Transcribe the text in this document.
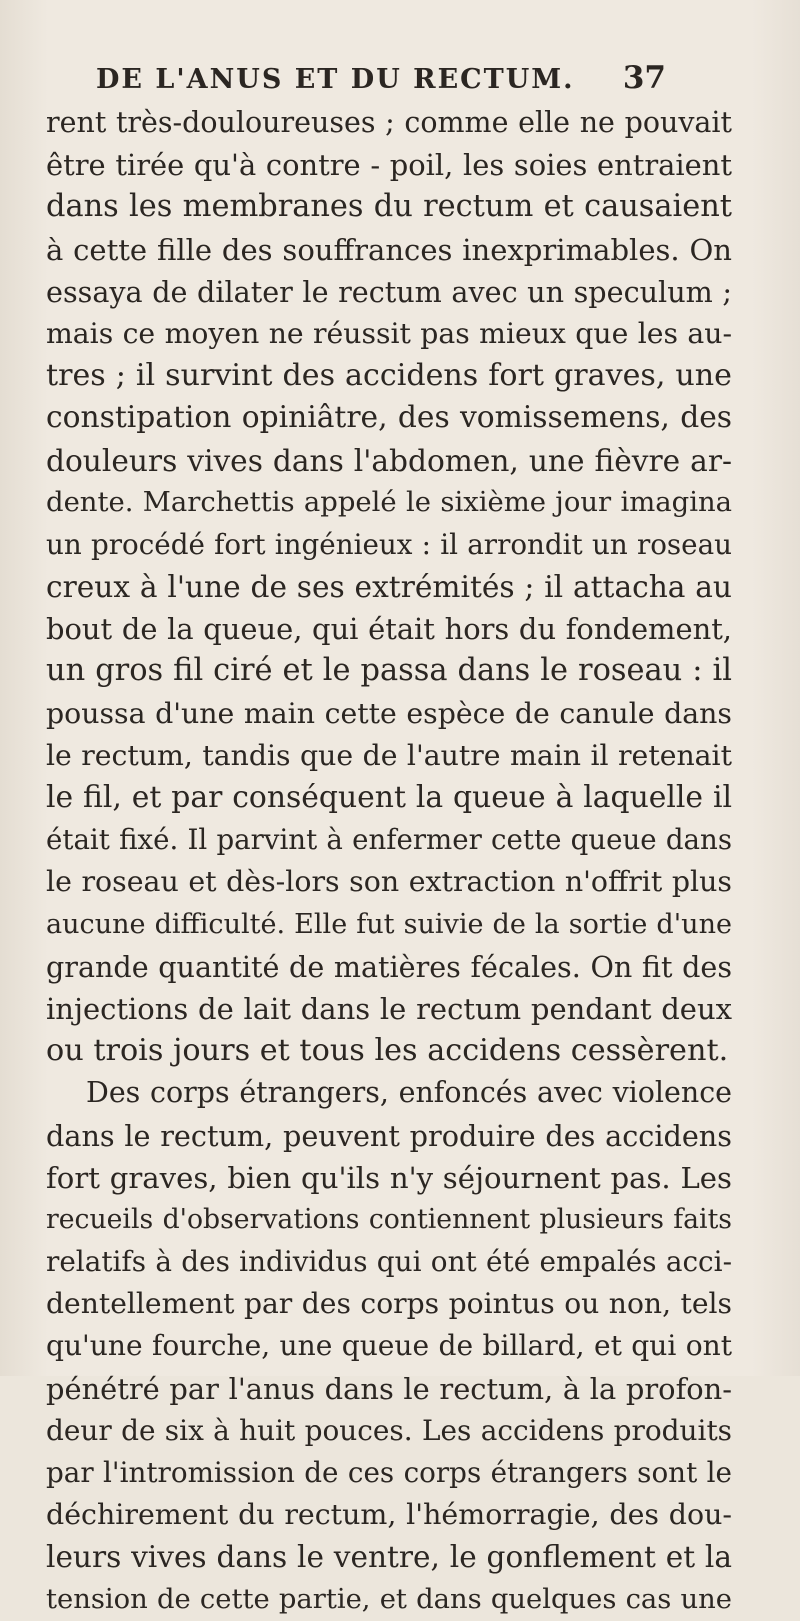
DE L'ANUS ET DU RECTUM. 37
rent très-douloureuses ; comme elle ne pouvait
être tirée qu'à contre - poil, les soies entraient
dans les membranes du rectum et causaient
à cette fille des souffrances inexprimables. On
essaya de dilater le rectum avec un speculum ;
mais ce moyen ne réussit pas mieux que les au-
tres ; il survint des accidens fort graves, une
constipation opiniâtre, des vomissemens, des
douleurs vives dans l'abdomen, une fièvre ar-
dente. Marchettis appelé le sixième jour imagina
un procédé fort ingénieux : il arrondit un roseau
creux à l'une de ses extrémités ; il attacha au
bout de la queue, qui était hors du fondement,
un gros fil ciré et le passa dans le roseau : il
poussa d'une main cette espèce de canule dans
le rectum, tandis que de l'autre main il retenait
le fil, et par conséquent la queue à laquelle il
était fixé. Il parvint à enfermer cette queue dans
le roseau et dès-lors son extraction n'offrit plus
aucune difficulté. Elle fut suivie de la sortie d'une
grande quantité de matières fécales. On fit des
injections de lait dans le rectum pendant deux
ou trois jours et tous les accidens cessèrent.
Des corps étrangers, enfoncés avec violence
dans le rectum, peuvent produire des accidens
fort graves, bien qu'ils n'y séjournent pas. Les
recueils d'observations contiennent plusieurs faits
relatifs à des individus qui ont été empalés acci-
dentellement par des corps pointus ou non, tels
qu'une fourche, une queue de billard, et qui ont
pénétré par l'anus dans le rectum, à la profon-
deur de six à huit pouces. Les accidens produits
par l'intromission de ces corps étrangers sont le
déchirement du rectum, l'hémorragie, des dou-
leurs vives dans le ventre, le gonflement et la
tension de cette partie, et dans quelques cas une
